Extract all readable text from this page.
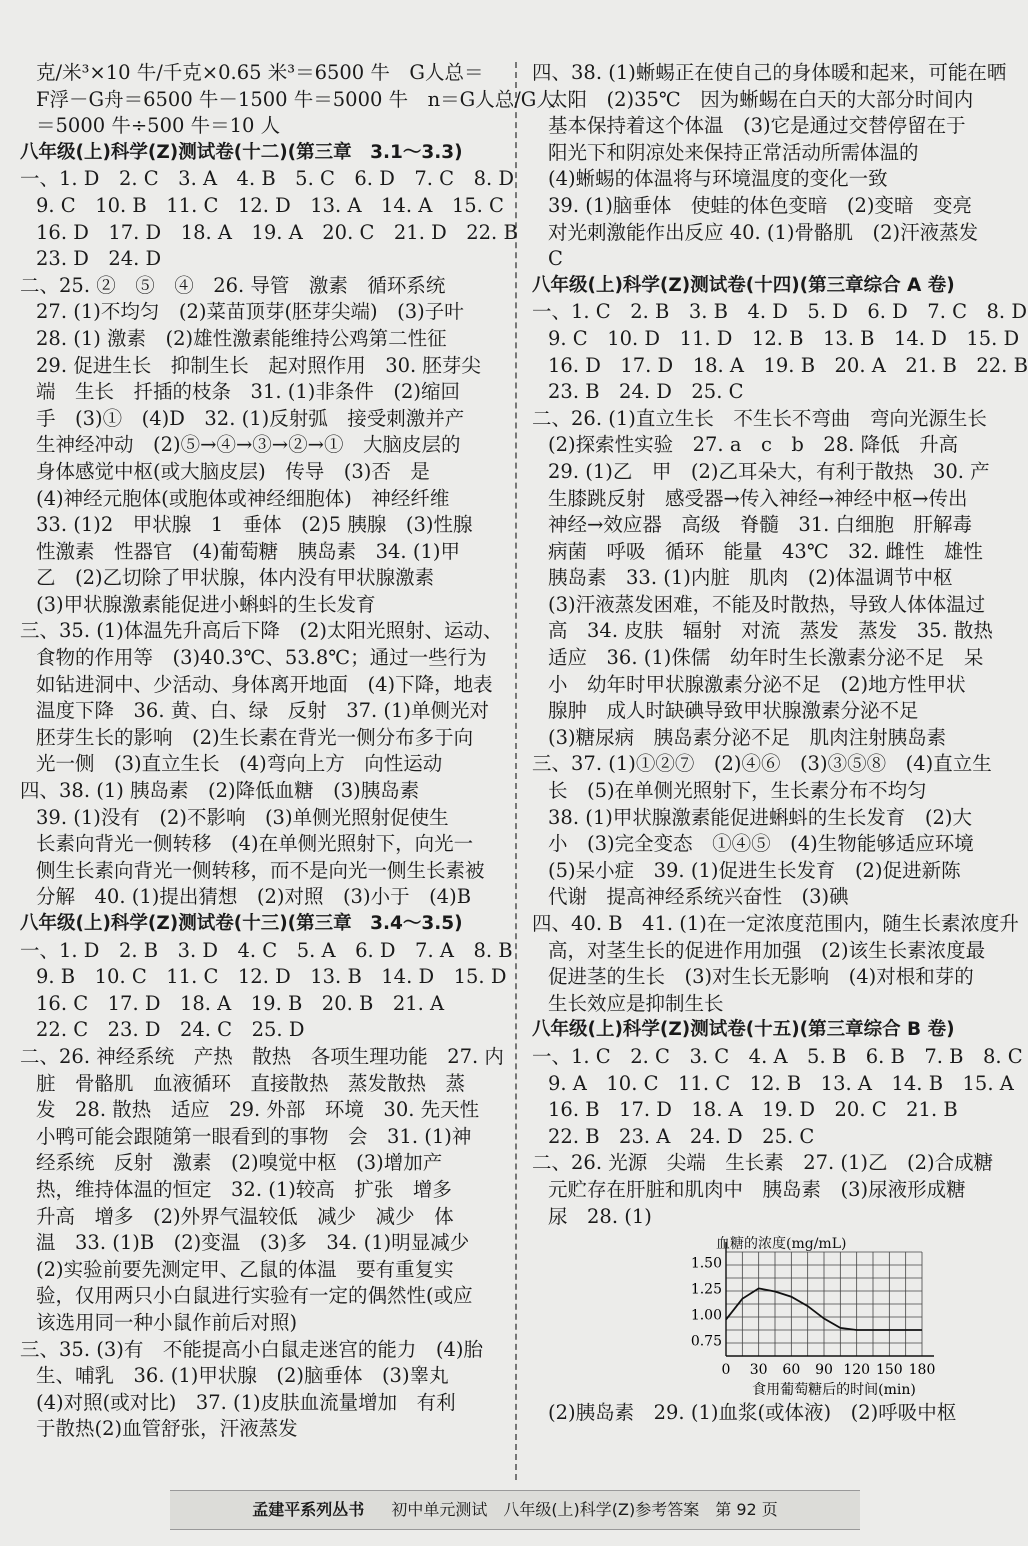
克/米³×10 牛/千克×0.65 米³＝6500 牛　G人总＝
F浮－G舟＝6500 牛－1500 牛＝5000 牛　n＝G人总/G人
＝5000 牛÷500 牛＝10 人
八年级(上)科学(Z)测试卷(十二)(第三章　3.1～3.3)
一、1. D　2. C　3. A　4. B　5. C　6. D　7. C　8. D
9. C　10. B　11. C　12. D　13. A　14. A　15. C
16. D　17. D　18. A　19. A　20. C　21. D　22. B
23. D　24. D
二、25. ②　⑤　④　26. 导管　激素　循环系统
27. (1)不均匀　(2)菜苗顶芽(胚芽尖端)　(3)子叶
28. (1) 激素　(2)雄性激素能维持公鸡第二性征
29. 促进生长　抑制生长　起对照作用　30. 胚芽尖
端　生长　扦插的枝条　31. (1)非条件　(2)缩回
手　(3)①　(4)D　32. (1)反射弧　接受刺激并产
生神经冲动　(2)⑤→④→③→②→①　大脑皮层的
身体感觉中枢(或大脑皮层)　传导　(3)否　是
(4)神经元胞体(或胞体或神经细胞体)　神经纤维
33. (1)2　甲状腺　1　垂体　(2)5 胰腺　(3)性腺
性激素　性器官　(4)葡萄糖　胰岛素　34. (1)甲
乙　(2)乙切除了甲状腺，体内没有甲状腺激素
(3)甲状腺激素能促进小蝌蚪的生长发育
三、35. (1)体温先升高后下降　(2)太阳光照射、运动、
食物的作用等　(3)40.3℃、53.8℃；通过一些行为
如钻进洞中、少活动、身体离开地面　(4)下降，地表
温度下降　36. 黄、白、绿　反射　37. (1)单侧光对
胚芽生长的影响　(2)生长素在背光一侧分布多于向
光一侧　(3)直立生长　(4)弯向上方　向性运动
四、38. (1) 胰岛素　(2)降低血糖　(3)胰岛素
39. (1)没有　(2)不影响　(3)单侧光照射促使生
长素向背光一侧转移　(4)在单侧光照射下，向光一
侧生长素向背光一侧转移，而不是向光一侧生长素被
分解　40. (1)提出猜想　(2)对照　(3)小于　(4)B
八年级(上)科学(Z)测试卷(十三)(第三章　3.4～3.5)
一、1. D　2. B　3. D　4. C　5. A　6. D　7. A　8. B
9. B　10. C　11. C　12. D　13. B　14. D　15. D
16. C　17. D　18. A　19. B　20. B　21. A
22. C　23. D　24. C　25. D
二、26. 神经系统　产热　散热　各项生理功能　27. 内
脏　骨骼肌　血液循环　直接散热　蒸发散热　蒸
发　28. 散热　适应　29. 外部　环境　30. 先天性
小鸭可能会跟随第一眼看到的事物　会　31. (1)神
经系统　反射　激素　(2)嗅觉中枢　(3)增加产
热，维持体温的恒定　32. (1)较高　扩张　增多
升高　增多　(2)外界气温较低　减少　减少　体
温　33. (1)B　(2)变温　(3)多　34. (1)明显减少
(2)实验前要先测定甲、乙鼠的体温　要有重复实
验，仅用两只小白鼠进行实验有一定的偶然性(或应
该选用同一种小鼠作前后对照)
三、35. (3)有　不能提高小白鼠走迷宫的能力　(4)胎
生、哺乳　36. (1)甲状腺　(2)脑垂体　(3)睾丸
(4)对照(或对比)　37. (1)皮肤血流量增加　有利
于散热(2)血管舒张，汗液蒸发
四、38. (1)蜥蜴正在使自己的身体暖和起来，可能在晒
太阳　(2)35℃　因为蜥蜴在白天的大部分时间内
基本保持着这个体温　(3)它是通过交替停留在于
阳光下和阴凉处来保持正常活动所需体温的
(4)蜥蜴的体温将与环境温度的变化一致
39. (1)脑垂体　使蛙的体色变暗　(2)变暗　变亮
对光刺激能作出反应 40. (1)骨骼肌　(2)汗液蒸发
C
八年级(上)科学(Z)测试卷(十四)(第三章综合 A 卷)
一、1. C　2. B　3. B　4. D　5. D　6. D　7. C　8. D
9. C　10. D　11. D　12. B　13. B　14. D　15. D
16. D　17. D　18. A　19. B　20. A　21. B　22. B
23. B　24. D　25. C
二、26. (1)直立生长　不生长不弯曲　弯向光源生长
(2)探索性实验　27. a　c　b　28. 降低　升高
29. (1)乙　甲　(2)乙耳朵大，有利于散热　30. 产
生膝跳反射　感受器→传入神经→神经中枢→传出
神经→效应器　高级　脊髓　31. 白细胞　肝解毒
病菌　呼吸　循环　能量　43℃　32. 雌性　雄性
胰岛素　33. (1)内脏　肌肉　(2)体温调节中枢
(3)汗液蒸发困难，不能及时散热，导致人体体温过
高　34. 皮肤　辐射　对流　蒸发　蒸发　35. 散热
适应　36. (1)侏儒　幼年时生长激素分泌不足　呆
小　幼年时甲状腺激素分泌不足　(2)地方性甲状
腺肿　成人时缺碘导致甲状腺激素分泌不足
(3)糖尿病　胰岛素分泌不足　肌肉注射胰岛素
三、37. (1)①②⑦　(2)④⑥　(3)③⑤⑧　(4)直立生
长　(5)在单侧光照射下，生长素分布不均匀
38. (1)甲状腺激素能促进蝌蚪的生长发育　(2)大
小　(3)完全变态　①④⑤　(4)生物能够适应环境
(5)呆小症　39. (1)促进生长发育　(2)促进新陈
代谢　提高神经系统兴奋性　(3)碘
四、40. B　41. (1)在一定浓度范围内，随生长素浓度升
高，对茎生长的促进作用加强　(2)该生长素浓度最
促进茎的生长　(3)对生长无影响　(4)对根和芽的
生长效应是抑制生长
八年级(上)科学(Z)测试卷(十五)(第三章综合 B 卷)
一、1. C　2. C　3. C　4. A　5. B　6. B　7. B　8. C
9. A　10. C　11. C　12. B　13. A　14. B　15. A
16. B　17. D　18. A　19. D　20. C　21. B
22. B　23. A　24. D　25. C
二、26. 光源　尖端　生长素　27. (1)乙　(2)合成糖
元贮存在肝脏和肌肉中　胰岛素　(3)尿液形成糖
尿　28. (1)
0.75
1.00
1.25
1.50
0 30 60 90 120 150 180
血糖的浓度(mg/mL)
食用葡萄糖后的时间(min)
(2)胰岛素　29. (1)血浆(或体液)　(2)呼吸中枢
孟建平系列丛书 初中单元测试　八年级(上)科学(Z)参考答案　第 92 页
